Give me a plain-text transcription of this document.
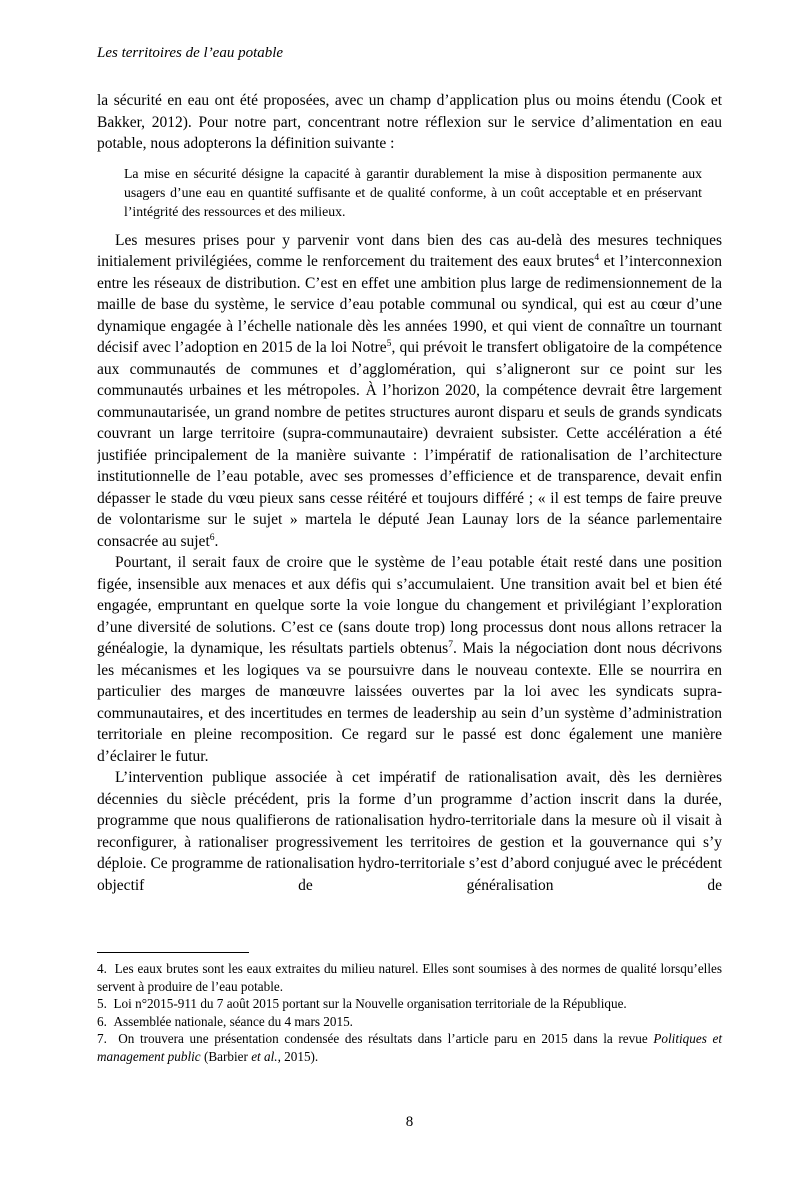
Les territoires de l’eau potable
la sécurité en eau ont été proposées, avec un champ d’application plus ou moins étendu (Cook et Bakker, 2012). Pour notre part, concentrant notre réflexion sur le service d’alimentation en eau potable, nous adopterons la définition suivante :
La mise en sécurité désigne la capacité à garantir durablement la mise à disposition permanente aux usagers d’une eau en quantité suffisante et de qualité conforme, à un coût acceptable et en préservant l’intégrité des ressources et des milieux.
Les mesures prises pour y parvenir vont dans bien des cas au-delà des mesures techniques initialement privilégiées, comme le renforcement du traitement des eaux brutes$^4$ et l’interconnexion entre les réseaux de distribution. C’est en effet une ambition plus large de redimensionnement de la maille de base du système, le service d’eau potable communal ou syndical, qui est au cœur d’une dynamique engagée à l’échelle nationale dès les années 1990, et qui vient de connaître un tournant décisif avec l’adoption en 2015 de la loi Notre$^5$, qui prévoit le transfert obligatoire de la compétence aux communautés de communes et d’agglomération, qui s’aligneront sur ce point sur les communautés urbaines et les métropoles. À l’horizon 2020, la compétence devrait être largement communautarisée, un grand nombre de petites structures auront disparu et seuls de grands syndicats couvrant un large territoire (supra-communautaire) devraient subsister. Cette accélération a été justifiée principalement de la manière suivante : l’impératif de rationalisation de l’architecture institutionnelle de l’eau potable, avec ses promesses d’efficience et de transparence, devait enfin dépasser le stade du vœu pieux sans cesse réitéré et toujours différé ; « il est temps de faire preuve de volontarisme sur le sujet » martela le député Jean Launay lors de la séance parlementaire consacrée au sujet$^6$.
Pourtant, il serait faux de croire que le système de l’eau potable était resté dans une position figée, insensible aux menaces et aux défis qui s’accumulaient. Une transition avait bel et bien été engagée, empruntant en quelque sorte la voie longue du changement et privilégiant l’exploration d’une diversité de solutions. C’est ce (sans doute trop) long processus dont nous allons retracer la généalogie, la dynamique, les résultats partiels obtenus$^7$. Mais la négociation dont nous décrivons les mécanismes et les logiques va se poursuivre dans le nouveau contexte. Elle se nourrira en particulier des marges de manœuvre laissées ouvertes par la loi avec les syndicats supra-communautaires, et des incertitudes en termes de leadership au sein d’un système d’administration territoriale en pleine recomposition. Ce regard sur le passé est donc également une manière d’éclairer le futur.
L’intervention publique associée à cet impératif de rationalisation avait, dès les dernières décennies du siècle précédent, pris la forme d’un programme d’action inscrit dans la durée, programme que nous qualifierons de rationalisation hydro-territoriale dans la mesure où il visait à reconfigurer, à rationaliser progressivement les territoires de gestion et la gouvernance qui s’y déploie. Ce programme de rationalisation hydro-territoriale s’est d’abord conjugué avec le précédent objectif de généralisation de
4.  Les eaux brutes sont les eaux extraites du milieu naturel. Elles sont soumises à des normes de qualité lorsqu’elles servent à produire de l’eau potable.
5.  Loi n°2015-911 du 7 août 2015 portant sur la Nouvelle organisation territoriale de la République.
6.  Assemblée nationale, séance du 4 mars 2015.
7.  On trouvera une présentation condensée des résultats dans l’article paru en 2015 dans la revue Politiques et management public (Barbier et al., 2015).
8
